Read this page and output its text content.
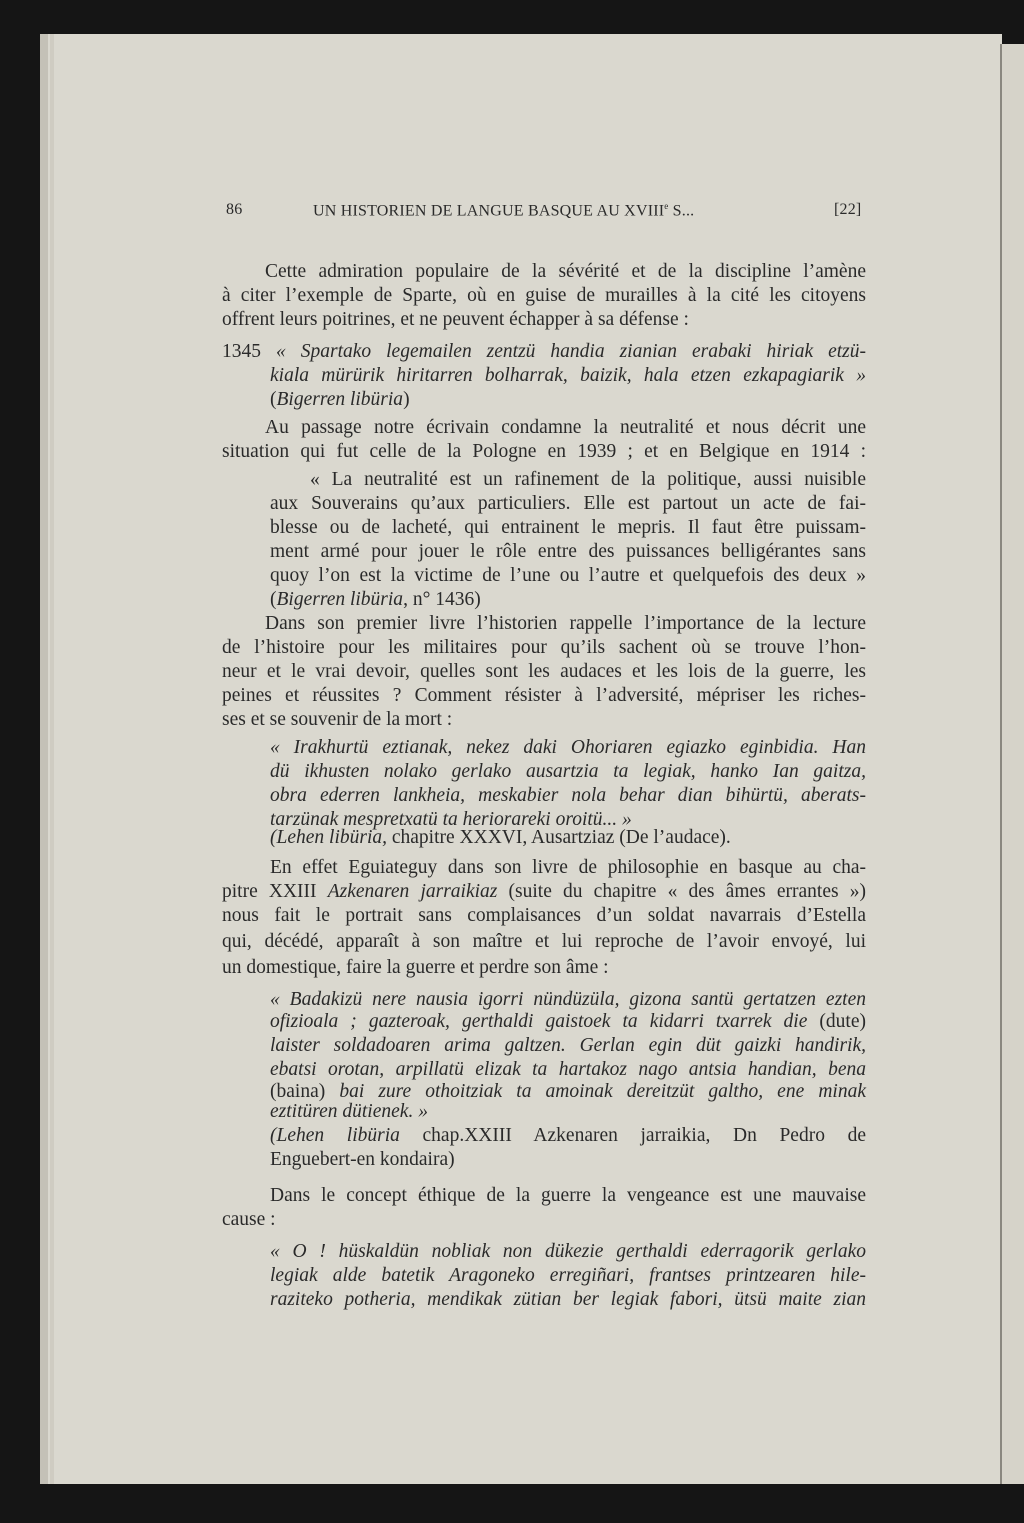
86	UN HISTORIEN DE LANGUE BASQUE AU XVIIIe S...	[22]
Cette admiration populaire de la sévérité et de la discipline l’amène
à citer l’exemple de Sparte, où en guise de murailles à la cité les citoyens
offrent leurs poitrines, et ne peuvent échapper à sa défense :
1345 « Spartako legemailen zentzü handia zianian erabaki hiriak etzü-
kiala mürürik hiritarren bolharrak, baizik, hala etzen ezkapagiarik »
(Bigerren libüria)
Au passage notre écrivain condamne la neutralité et nous décrit une
situation qui fut celle de la Pologne en 1939 ; et en Belgique en 1914 :
« La neutralité est un rafinement de la politique, aussi nuisible
aux Souverains qu’aux particuliers. Elle est partout un acte de fai-
blesse ou de lacheté, qui entrainent le mepris. Il faut être puissam-
ment armé pour jouer le rôle entre des puissances belligérantes sans
quoy l’on est la victime de l’une ou l’autre et quelquefois des deux »
(Bigerren libüria, n° 1436)
Dans son premier livre l’historien rappelle l’importance de la lecture
de l’histoire pour les militaires pour qu’ils sachent où se trouve l’hon-
neur et le vrai devoir, quelles sont les audaces et les lois de la guerre, les
peines et réussites ? Comment résister à l’adversité, mépriser les riches-
ses et se souvenir de la mort :
« Irakhurtü eztianak, nekez daki Ohoriaren egiazko eginbidia. Han
dü ikhusten nolako gerlako ausartzia ta legiak, hanko Ian gaitza,
obra ederren lankheia, meskabier nola behar dian bihürtü, aberats-
tarzünak mespretxatü ta heriorareki oroitü... »
(Lehen libüria, chapitre XXXVI, Ausartziaz (De l’audace).
En effet Eguiateguy dans son livre de philosophie en basque au cha-
pitre XXIII Azkenaren jarraikiaz (suite du chapitre « des âmes errantes »)
nous fait le portrait sans complaisances d’un soldat navarrais d’Estella
qui, décédé, apparaît à son maître et lui reproche de l’avoir envoyé, lui
un domestique, faire la guerre et perdre son âme :
« Badakizü nere nausia igorri nündüzüla, gizona santü gertatzen ezten
ofizioala ; gazteroak, gerthaldi gaistoek ta kidarri txarrek die (dute)
laister soldadoaren arima galtzen. Gerlan egin düt gaizki handirik,
ebatsi orotan, arpillatü elizak ta hartakoz nago antsia handian, bena
(baina) bai zure othoitziak ta amoinak dereitzüt galtho, ene minak
eztitüren dütienek. »
(Lehen libüria chap.XXIII Azkenaren jarraikia, Dn Pedro de
Enguebert-en kondaira)
Dans le concept éthique de la guerre la vengeance est une mauvaise
cause :
« O ! hüskaldün nobliak non dükezie gerthaldi ederragorik gerlako
legiak alde batetik Aragoneko erregiñari, frantses printzearen hile-
raziteko potheria, mendikak zütian ber legiak fabori, ütsü maite zian
